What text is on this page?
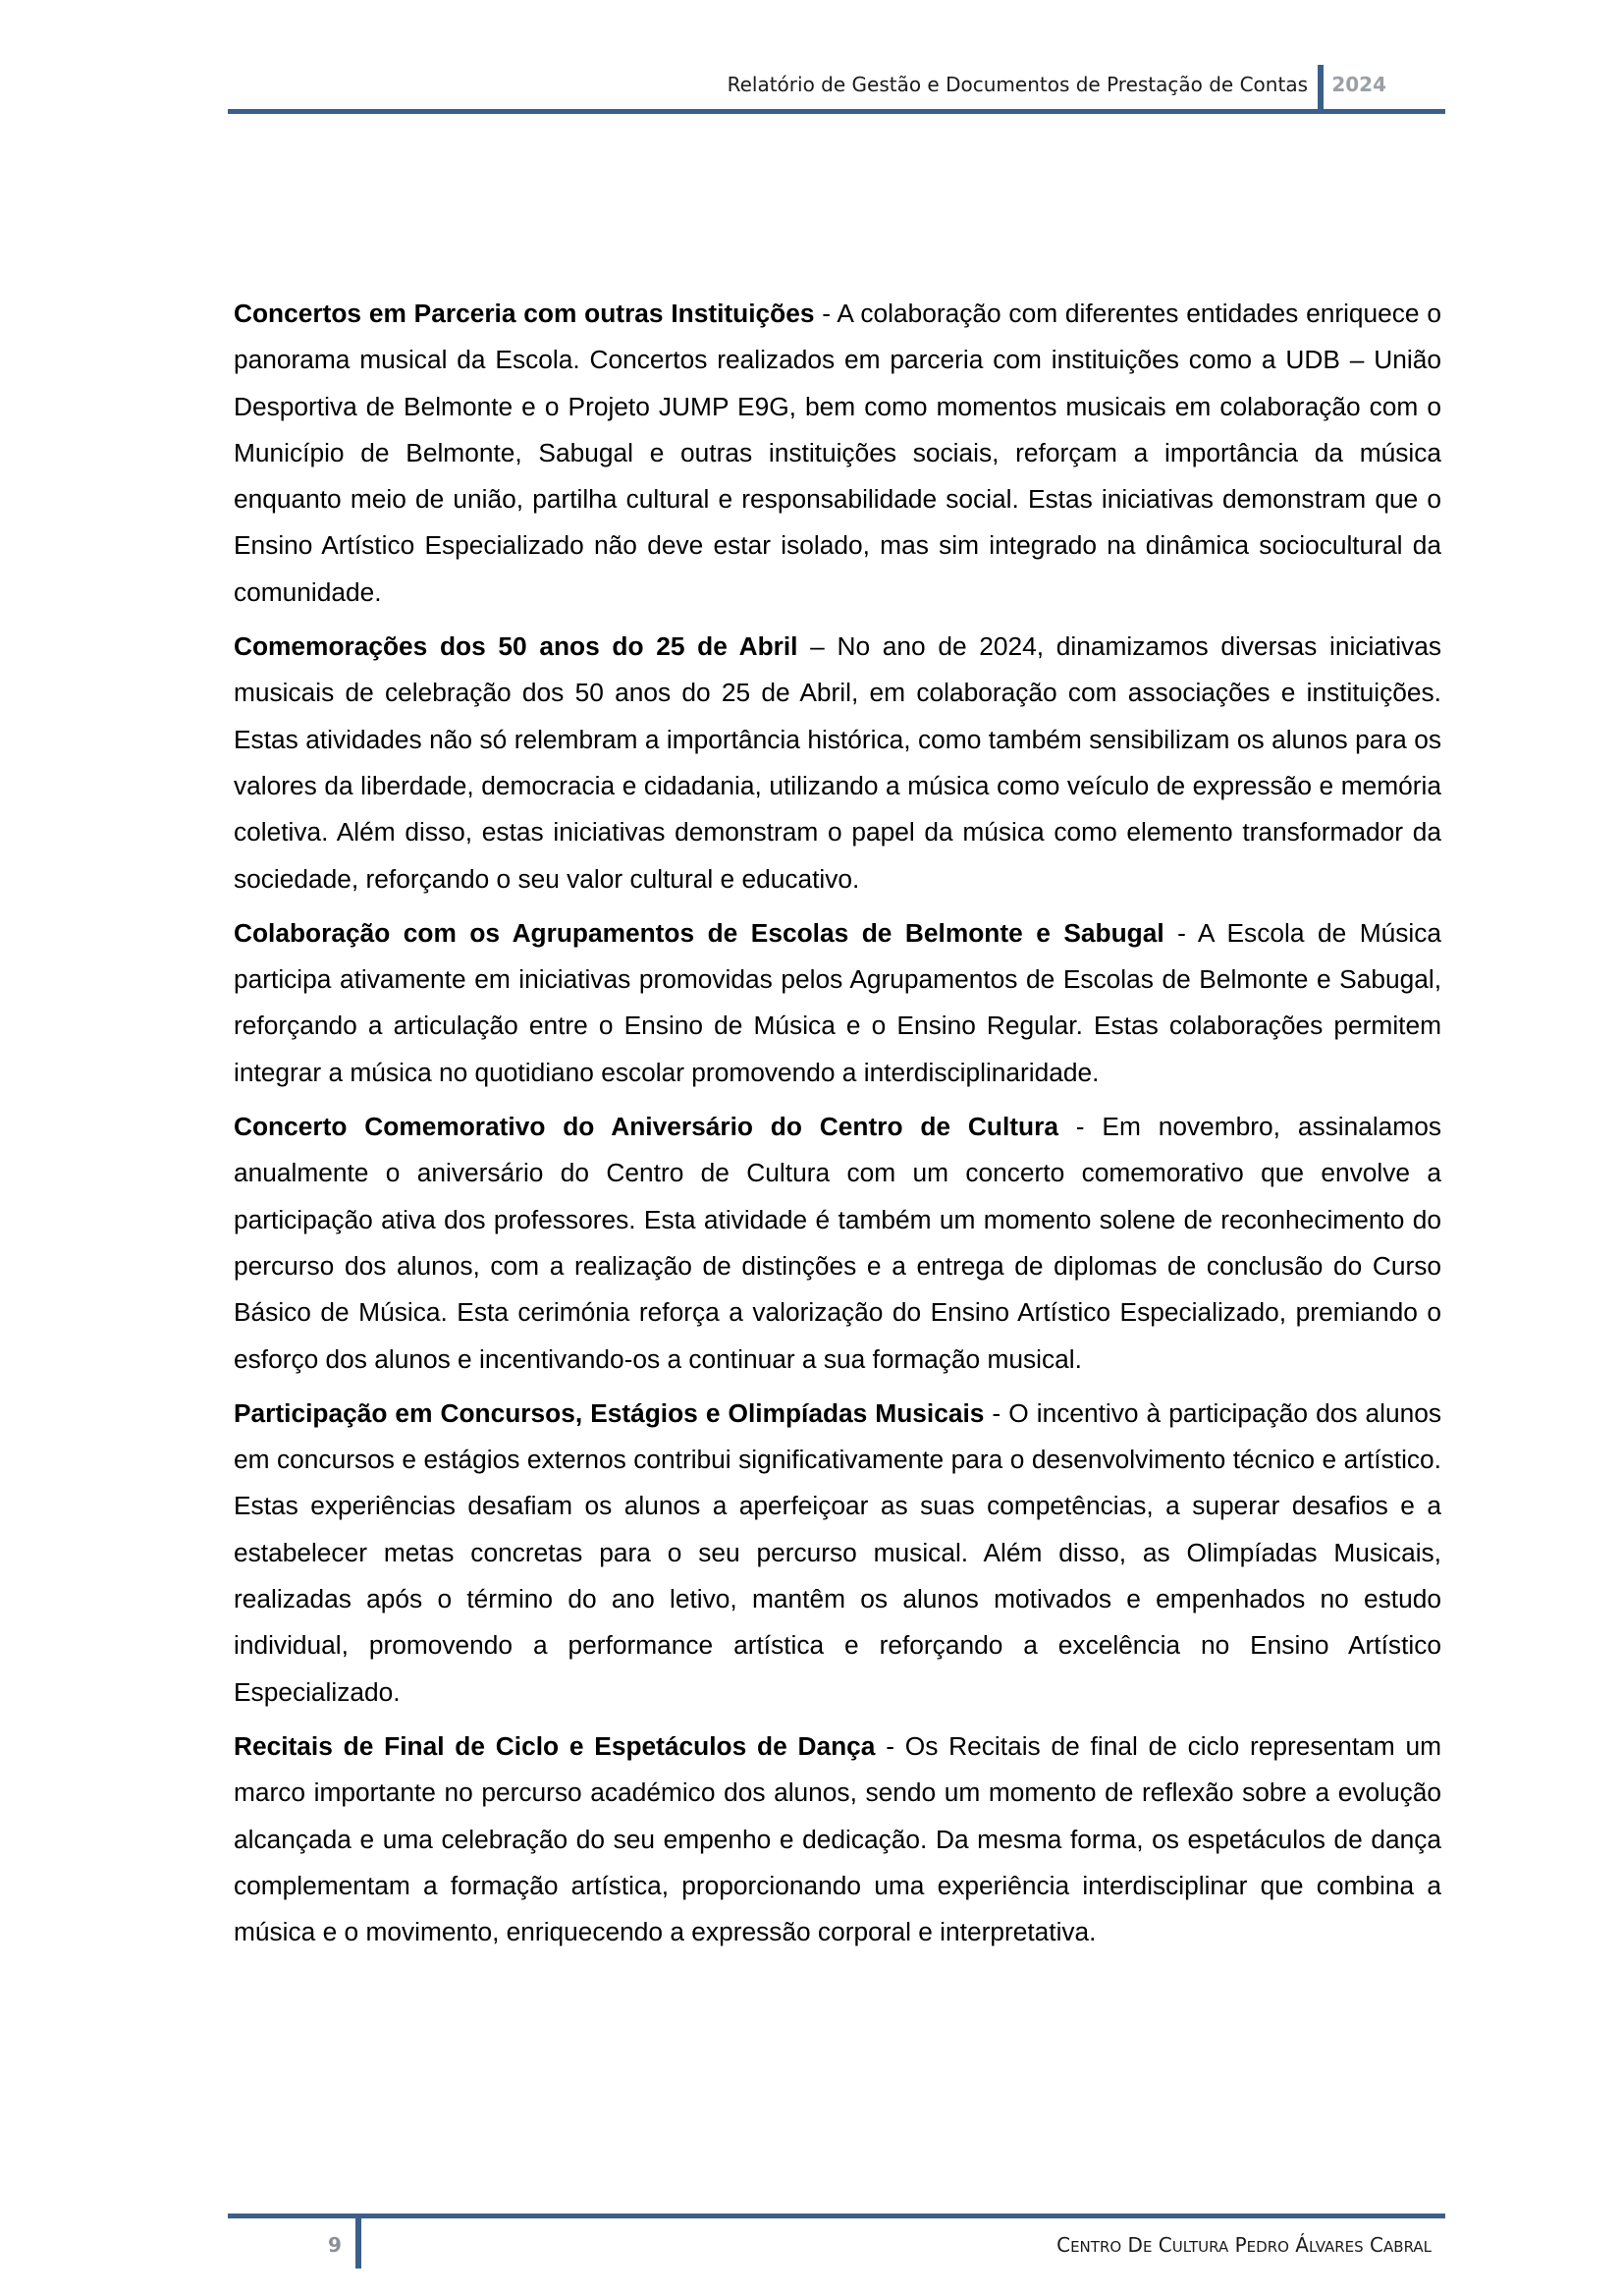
Relatório de Gestão e Documentos de Prestação de Contas 2024

Concertos em Parceria com outras Instituições - A colaboração com diferentes entidades enriquece o panorama musical da Escola. Concertos realizados em parceria com instituições como a UDB – União Desportiva de Belmonte e o Projeto JUMP E9G, bem como momentos musicais em colaboração com o Município de Belmonte, Sabugal e outras instituições sociais, reforçam a importância da música enquanto meio de união, partilha cultural e responsabilidade social. Estas iniciativas demonstram que o Ensino Artístico Especializado não deve estar isolado, mas sim integrado na dinâmica sociocultural da comunidade.

Comemorações dos 50 anos do 25 de Abril – No ano de 2024, dinamizamos diversas iniciativas musicais de celebração dos 50 anos do 25 de Abril, em colaboração com associações e instituições. Estas atividades não só relembram a importância histórica, como também sensibilizam os alunos para os valores da liberdade, democracia e cidadania, utilizando a música como veículo de expressão e memória coletiva. Além disso, estas iniciativas demonstram o papel da música como elemento transformador da sociedade, reforçando o seu valor cultural e educativo.

Colaboração com os Agrupamentos de Escolas de Belmonte e Sabugal - A Escola de Música participa ativamente em iniciativas promovidas pelos Agrupamentos de Escolas de Belmonte e Sabugal, reforçando a articulação entre o Ensino de Música e o Ensino Regular. Estas colaborações permitem integrar a música no quotidiano escolar promovendo a interdisciplinaridade.

Concerto Comemorativo do Aniversário do Centro de Cultura - Em novembro, assinalamos anualmente o aniversário do Centro de Cultura com um concerto comemorativo que envolve a participação ativa dos professores. Esta atividade é também um momento solene de reconhecimento do percurso dos alunos, com a realização de distinções e a entrega de diplomas de conclusão do Curso Básico de Música. Esta cerimónia reforça a valorização do Ensino Artístico Especializado, premiando o esforço dos alunos e incentivando-os a continuar a sua formação musical.

Participação em Concursos, Estágios e Olimpíadas Musicais - O incentivo à participação dos alunos em concursos e estágios externos contribui significativamente para o desenvolvimento técnico e artístico. Estas experiências desafiam os alunos a aperfeiçoar as suas competências, a superar desafios e a estabelecer metas concretas para o seu percurso musical. Além disso, as Olimpíadas Musicais, realizadas após o término do ano letivo, mantêm os alunos motivados e empenhados no estudo individual, promovendo a performance artística e reforçando a excelência no Ensino Artístico Especializado.

Recitais de Final de Ciclo e Espetáculos de Dança - Os Recitais de final de ciclo representam um marco importante no percurso académico dos alunos, sendo um momento de reflexão sobre a evolução alcançada e uma celebração do seu empenho e dedicação. Da mesma forma, os espetáculos de dança complementam a formação artística, proporcionando uma experiência interdisciplinar que combina a música e o movimento, enriquecendo a expressão corporal e interpretativa.

9	CENTRO DE CULTURA PEDRO ÁLVARES CABRAL
